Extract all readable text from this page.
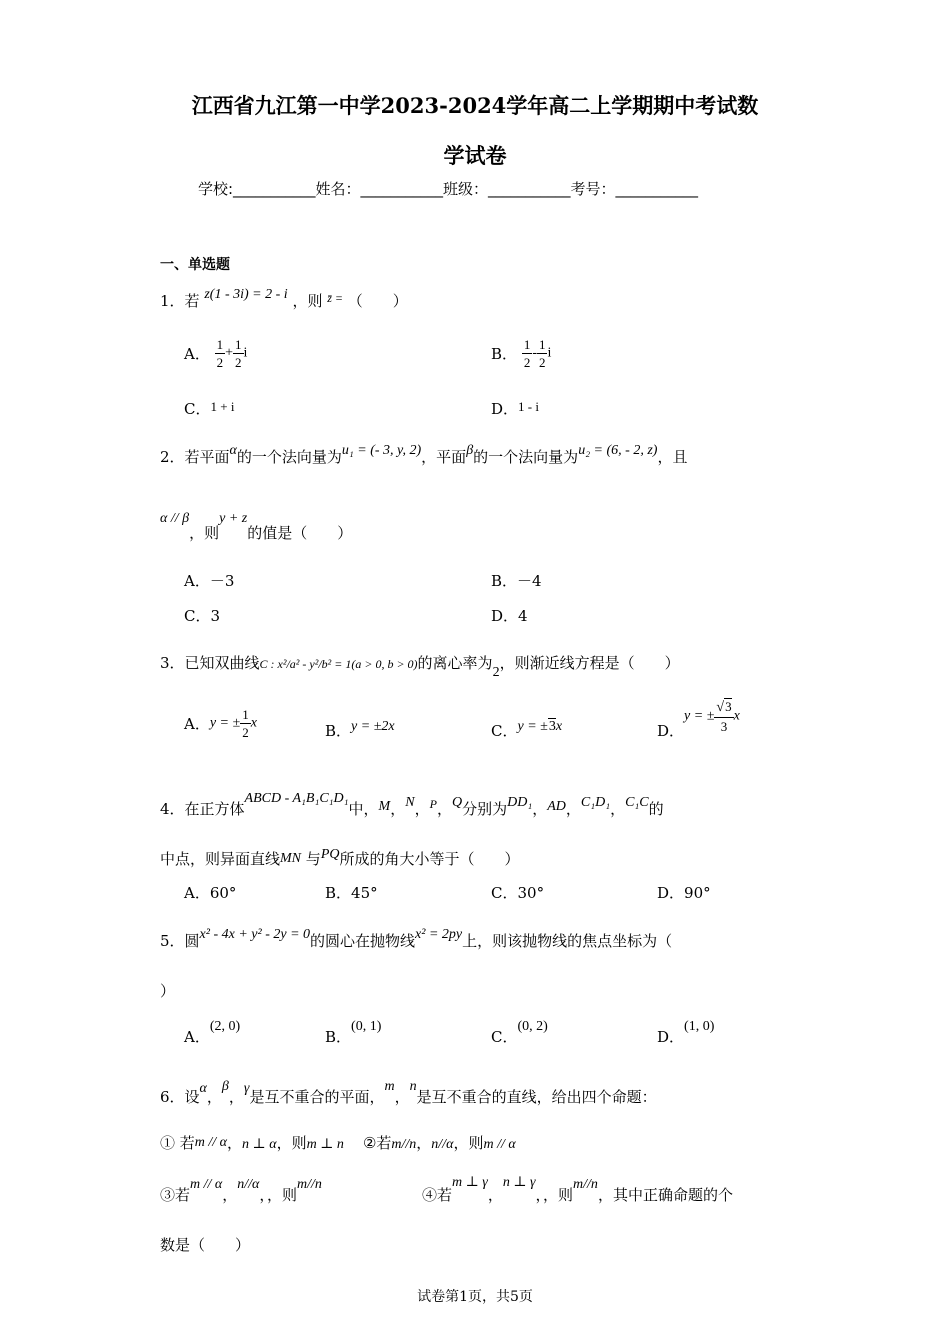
江西省九江第一中学2023-2024学年高二上学期期中考试数
学试卷
学校:___________姓名：___________班级：___________考号：___________
一、单选题
1．若 z(1 - 3i) = 2 - i ，则 $^{z̄ =}$ （　　）
A． $\frac{1}{2} + \frac{1}{2}$ i	B． $\frac{1}{2} - \frac{1}{2}$ i
C．1 + i	D．1 - i
2．若平面α的一个法向量为u₁ = (- 3, y, 2)，平面β的一个法向量为u₂ = (6, - 2, z)，且
α // β，则y + z的值是（　　）
A．－3	B．－4
C．3	D．4
3．已知双曲线C : x²/a² - y²/b² = 1(a > 0, b > 0)的离心率为2，则渐近线方程是（　　）
A．y = ± $\frac{1}{2}$ x	B．y = ±2x	C．y = ±3x	D．y = ± $\frac{√3}{3}$ x
4．在正方体ABCD - A₁B₁C₁D₁中，M，N，$^P$，Q分别为DD₁，AD，C₁D₁，C₁C的
中点，则异面直线MN 与PQ所成的角大小等于（　　）
A．60°	B．45°	C．30°	D．90°
5．圆x² - 4x + y² - 2y = 0的圆心在抛物线x² = 2py上，则该抛物线的焦点坐标为（
）
A．(2, 0)
B．(0, 1)
C．(0, 2)
D．(1, 0)
6．设α，β，γ是互不重合的平面，m，n是互不重合的直线，给出四个命题：
① 若m // α，n ⊥ α，则m ⊥ n ②若m//n，n//α，则m // α
③若m // α，n//α，，则m//n
④若m ⊥ γ，n ⊥ γ，，则m//n，其中正确命题的个
数是（　　）
试卷第1页，共5页
